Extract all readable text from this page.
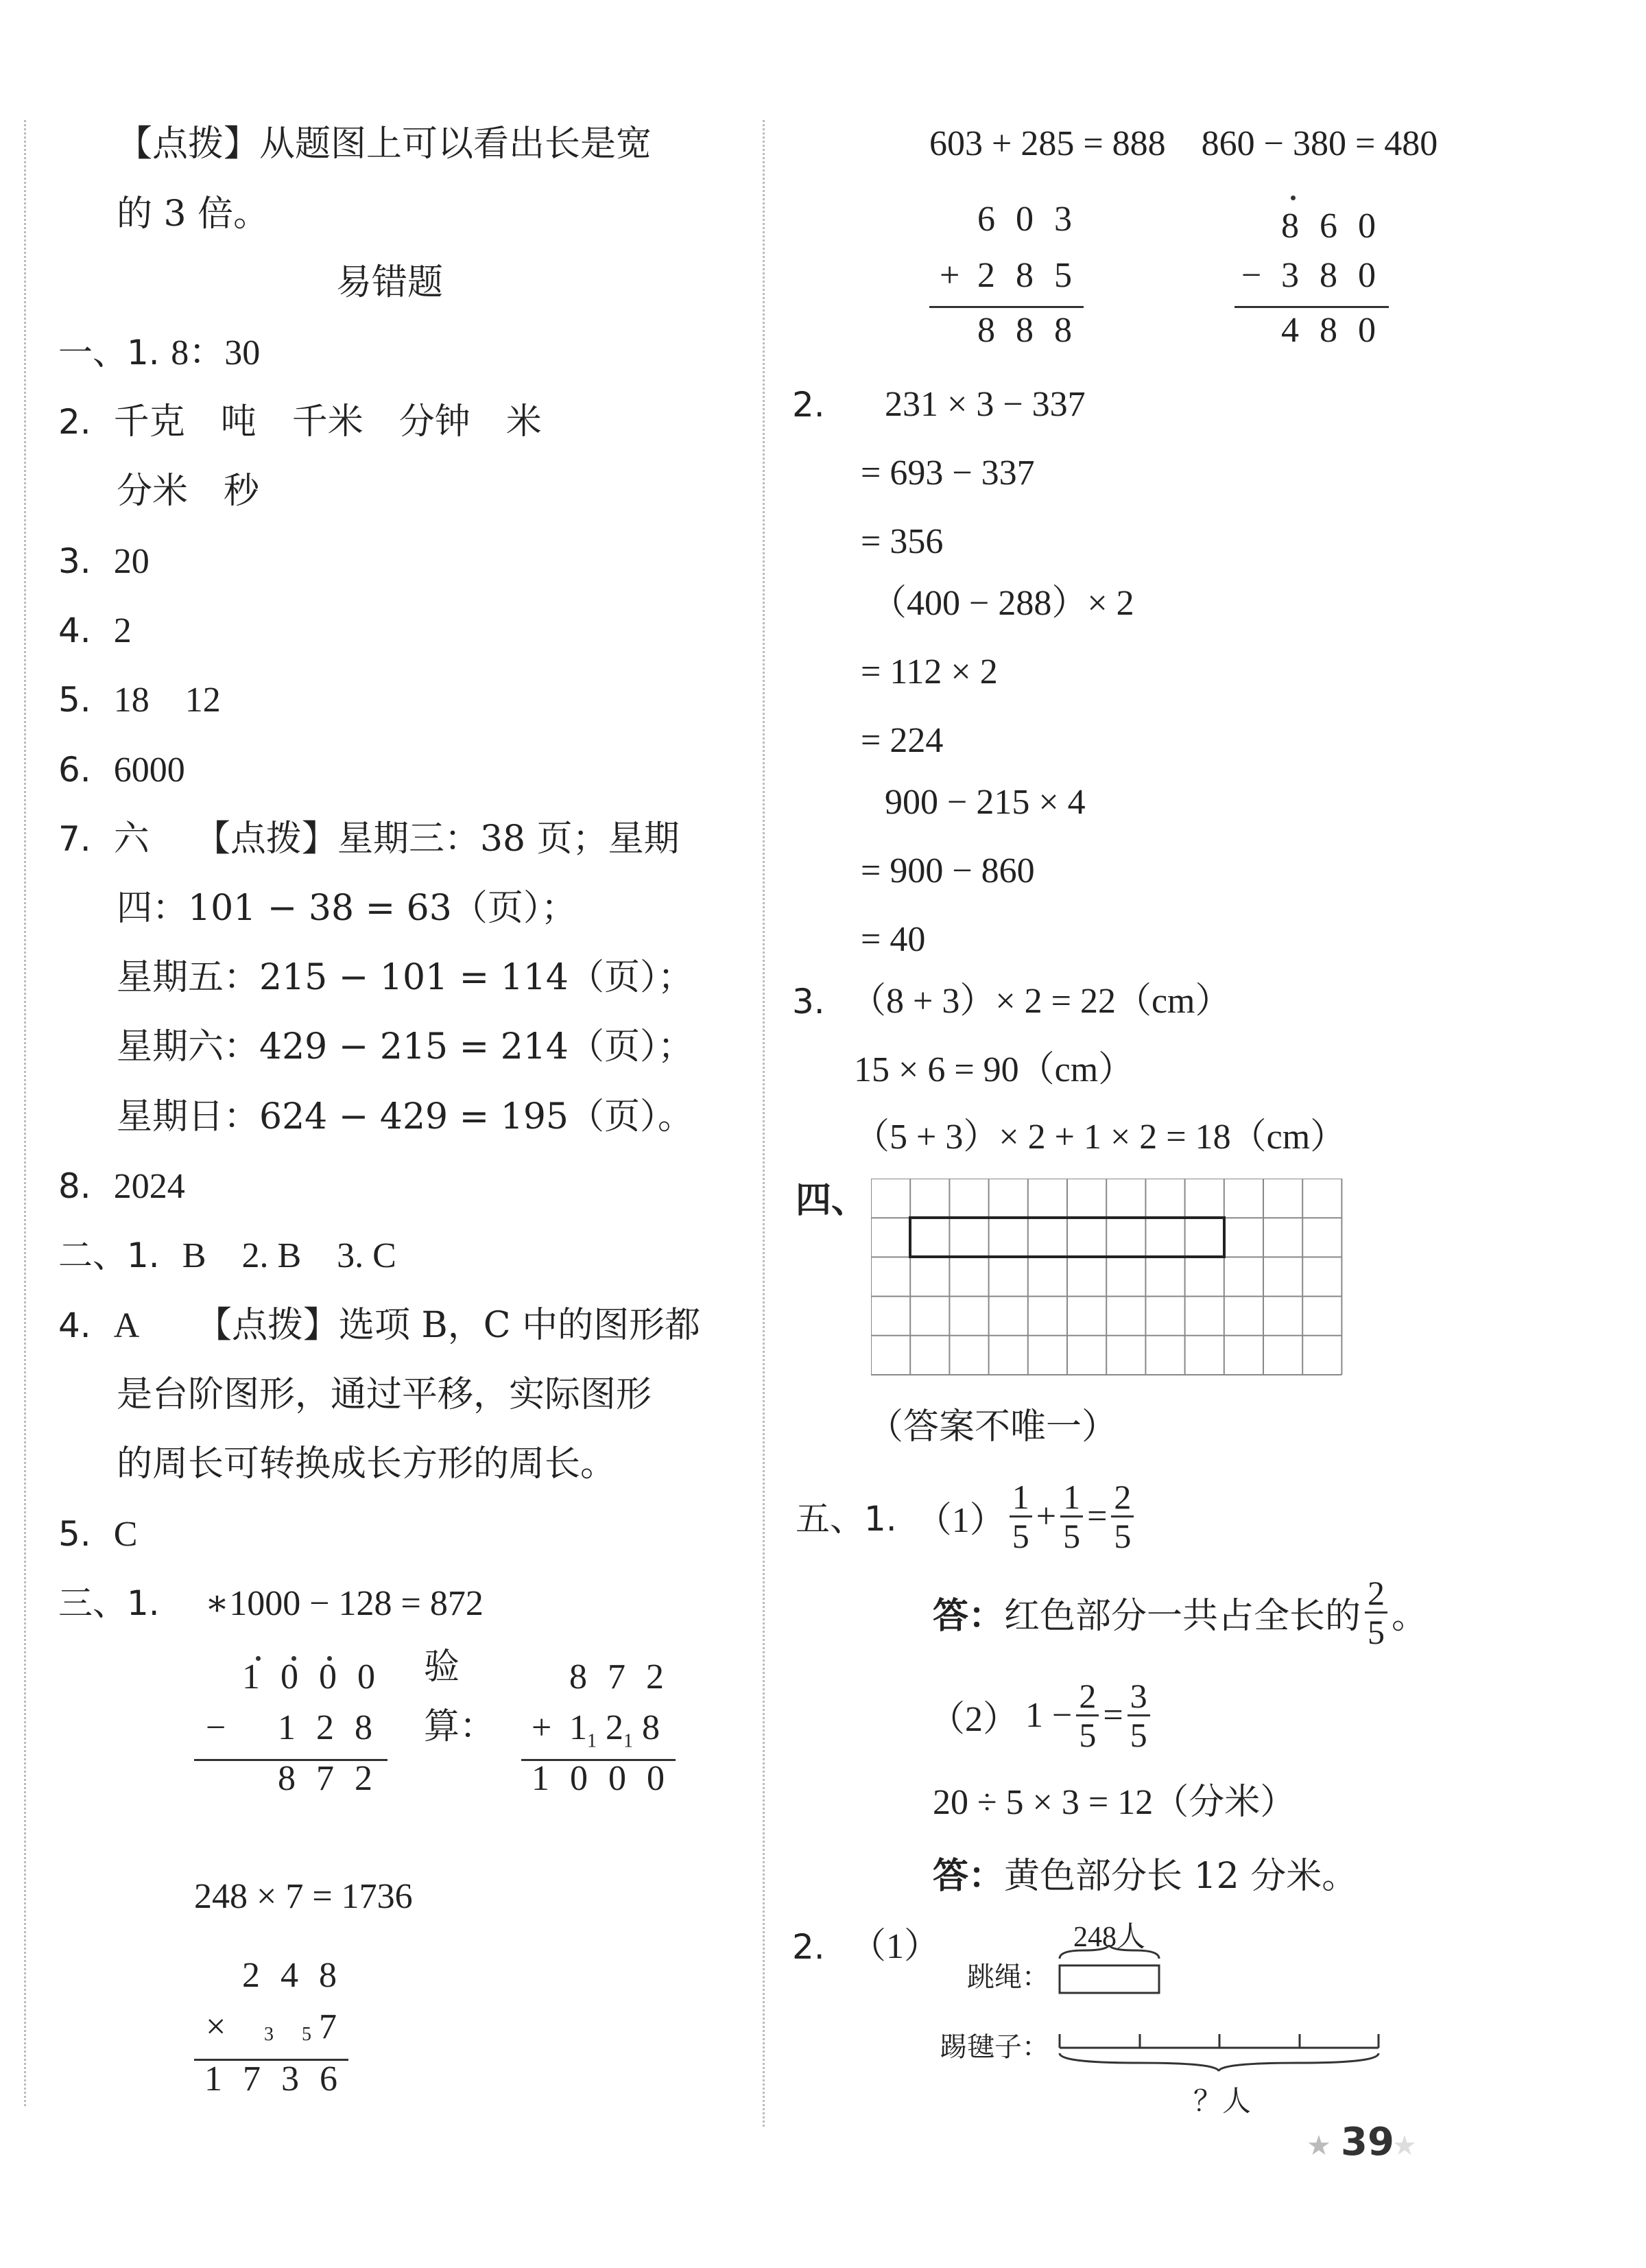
【点拨】从题图上可以看出长是宽
的 3 倍。
易错题
一、1. 8：30
2. 千克　吨　千米　分钟　米
分米　秒
3. 20
4. 2
5. 18　12
6. 6000
7. 六 【点拨】星期三：38 页；星期
四：101 − 38 = 63（页）；
星期五：215 − 101 = 114（页）；
星期六：429 − 215 = 214（页）；
星期日：624 − 429 = 195（页）。
8. 2024
二、1. B　2. B　3. C
4. A 【点拨】选项 B，C 中的图形都
是台阶图形，通过平移，实际图形
的周长可转换成长方形的周长。
5. C
三、1. ∗1000 − 128 = 872
1000
− 128
872
验
算：
872
+ $1_1$ $2_1$ 8
1000
248 × 7 = 1736
248
× 3 5 7
1736
603 + 285 = 888　860 − 380 = 480
603
+ 285
888
860
− 380
480
2. 231 × 3 − 337
= 693 − 337
= 356
（400 − 288）× 2
= 112 × 2
= 224
900 − 215 × 4
= 900 − 860
= 40
3. （8 + 3）× 2 = 22（cm）
15 × 6 = 90（cm）
（5 + 3）× 2 + 1 × 2 = 18（cm）
四、
（答案不唯一）
五、1. $(1) \frac{1}{5} + \frac{1}{5} = \frac{2}{5}$
答： 红色部分一共占全长的 $\frac{2}{5}$ 。
（2） $1 - \frac{2}{5} = \frac{3}{5}$
20 ÷ 5 × 3 = 12（分米）
答：黄色部分长 12 分米。
2. （1）	248人
跳绳：
踢毽子：
？人
★ 39
★
